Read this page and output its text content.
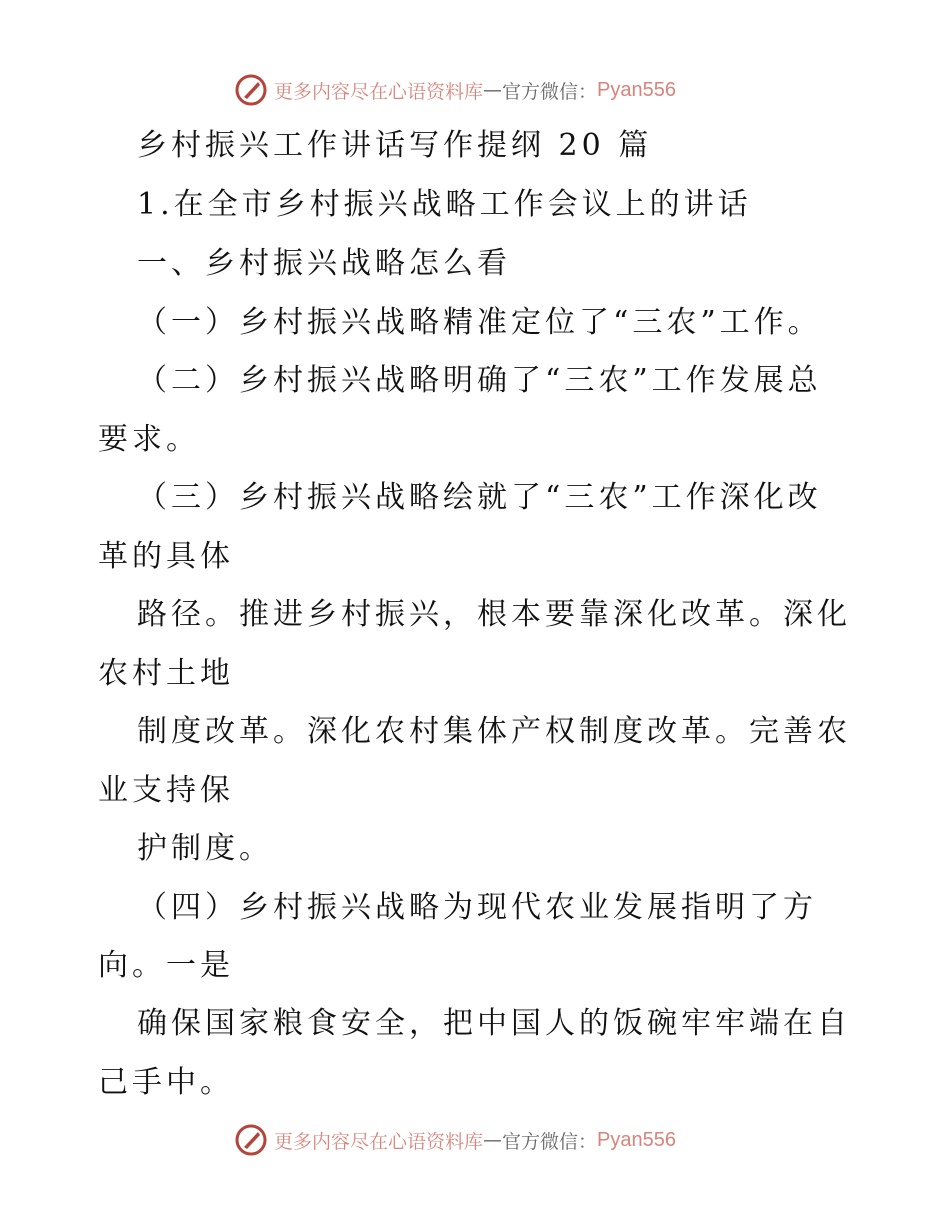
更多内容尽在心语资料库 — 官方微信： Pyan556
乡村振兴工作讲话写作提纲 20 篇
1.在全市乡村振兴战略工作会议上的讲话
一、乡村振兴战略怎么看
（一）乡村振兴战略精准定位了“三农”工作。
（二）乡村振兴战略明确了“三农”工作发展总
要求。
（三）乡村振兴战略绘就了“三农”工作深化改
革的具体
路径。推进乡村振兴，根本要靠深化改革。深化
农村土地
制度改革。深化农村集体产权制度改革。完善农
业支持保
护制度。
（四）乡村振兴战略为现代农业发展指明了方
向。一是
确保国家粮食安全，把中国人的饭碗牢牢端在自
己手中。
更多内容尽在心语资料库 — 官方微信： Pyan556
